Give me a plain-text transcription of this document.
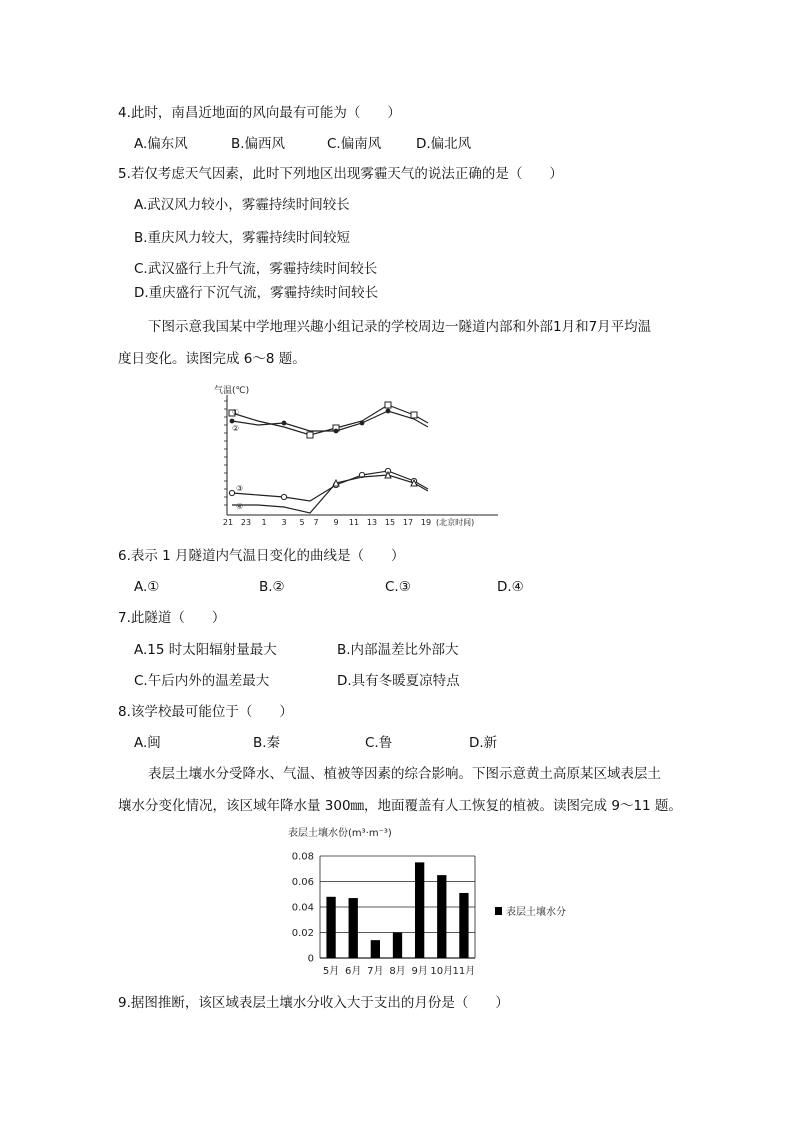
4.此时，南昌近地面的风向最有可能为（　　）
A.偏东风	B.偏西风	C.偏南风	D.偏北风
5.若仅考虑天气因素，此时下列地区出现雾霾天气的说法正确的是（　　）
A.武汉风力较小，雾霾持续时间较长
B.重庆风力较大，雾霾持续时间较短
C.武汉盛行上升气流，雾霾持续时间较长
D.重庆盛行下沉气流，雾霾持续时间较长
下图示意我国某中学地理兴趣小组记录的学校周边一隧道内部和外部1月和7月平均温
度日变化。读图完成 6～8 题。
气温(℃)
①
②
③
④
21 23 1 3 5 7 9 11 13 15 17 19 (北京时间)
6.表示 1 月隧道内气温日变化的曲线是（　　）
A.①	B.②	C.③	D.④
7.此隧道（　　）
A.15 时太阳辐射量最大	B.内部温差比外部大
C.午后内外的温差最大	D.具有冬暖夏凉特点
8.该学校最可能位于（　　）
A.闽	B.秦	C.鲁	D.新
表层土壤水分受降水、气温、植被等因素的综合影响。下图示意黄土高原某区域表层土
壤水分变化情况，该区域年降水量 300㎜，地面覆盖有人工恢复的植被。读图完成 9～11 题。
表层土壤水份(m³·m⁻³)
0
0.02
0.04
0.06
0.08
5月 6月 7月 8月 9月 10月 11月
表层土壤水分
9.据图推断，该区域表层土壤水分收入大于支出的月份是（　　）
